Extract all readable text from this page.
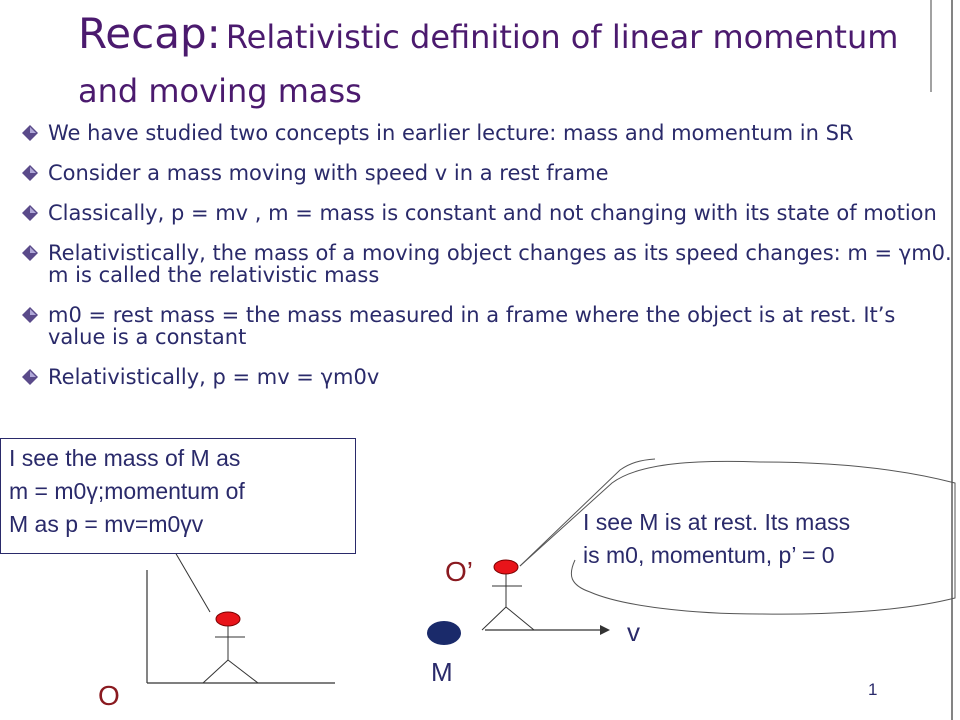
Recap: Relativistic definition of linear momentum and moving mass
We have studied two concepts in earlier lecture: mass and momentum in SR
Consider a mass moving with speed v in a rest frame
Classically, p = mv , m = mass is constant and not changing with its state of motion
Relativistically, the mass of a moving object changes as its speed changes: m = γm0. m is called the relativistic mass
m0 = rest mass = the mass measured in a frame where the object is at rest. It’s value is a constant
Relativistically, p = mv = γm0v
I see the mass of M as
m = m0γ;momentum of
M as p = mv=m0γv	I see M is at rest. Its mass
is m0, momentum, p’ = 0
O
O’
M
v
1
